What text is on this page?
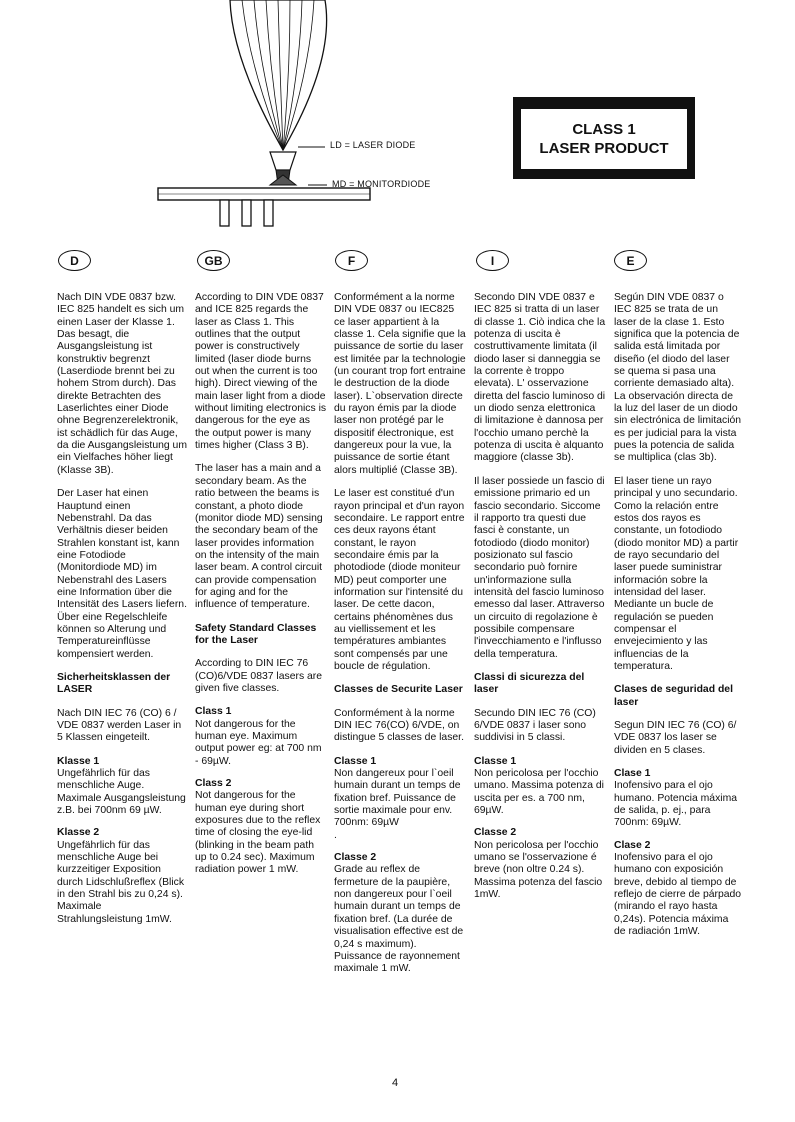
LD = LASER DIODE
MD = MONITORDIODE
CLASS 1
LASER PRODUCT
D	GB	F	I	E

Nach DIN VDE 0837 bzw. IEC 825 handelt es sich um einen Laser der Klasse 1. Das besagt, die Ausgangsleistung ist konstruktiv begrenzt (Laserdiode brennt bei zu hohem Strom durch). Das direkte Betrachten des Laserlichtes einer Diode ohne Begrenzerelektronik, ist schädlich für das Auge, da die Ausgangsleistung um ein Vielfaches höher liegt (Klasse 3B).

Der Laser hat einen Hauptund einen Nebenstrahl. Da das Verhältnis dieser beiden Strahlen konstant ist, kann eine Fotodiode (Monitordiode MD) im Nebenstrahl des Lasers eine Information über die Intensität des Lasers liefern. Über eine Regelschleife können so Alterung und Temperatureinflüsse kompensiert werden.

Sicherheitsklassen der LASER

Nach DIN IEC 76 (CO) 6 / VDE 0837 werden Laser in 5 Klassen eingeteilt.

Klasse 1
Ungefährlich für das menschliche Auge. Maximale Ausgangsleistung z.B. bei 700nm 69 µW.
Klasse 2
Ungefährlich für das menschliche Auge bei kurzzeitiger Exposition durch Lidschlußreflex (Blick in den Strahl bis zu 0,24 s). Maximale Strahlungsleistung 1mW.

According to DIN VDE 0837 and ICE 825 regards the laser as Class 1. This outlines that the output power is constructively limited (laser diode burns out when the current is too high). Direct viewing of the main laser light from a diode without limiting electronics is dangerous for the eye as the output power is many times higher (Class 3 B).

The laser has a main and a secondary beam. As the ratio between the beams is constant, a photo diode (monitor diode MD) sensing the secondary beam of the laser provides information on the intensity of the main laser beam. A control circuit can provide compensation for aging and for the influence of temperature.

Safety Standard Classes for the Laser

According to DIN IEC 76 (CO)6/VDE 0837 lasers are given five classes.

Class 1
Not dangerous for the human eye. Maximum output power eg: at 700 nm - 69µW.
Class 2
Not dangerous for the human eye during short exposures due to the reflex time of closing the eye-lid (blinking in the beam path up to 0.24 sec). Maximum radiation power 1 mW.

Conformément a la norme DIN VDE 0837 ou IEC825 ce laser appartient à la classe 1. Cela signifie que la puissance de sortie du laser est limitée par la technologie (un courant trop fort entraine le destruction de la diode laser). L`observation directe du rayon émis par la diode laser non protégé par le dispositif électronique, est dangereux pour la vue, la puissance de sortie étant alors multiplié (Classe 3B).

Le laser est constitué d'un rayon principal et d'un rayon secondaire. Le rapport entre ces deux rayons étant constant, le rayon secondaire émis par la photodiode (diode moniteur MD) peut comporter une information sur l'intensité du laser. De cette dacon, certains phénomènes dus au viellissement et les températures ambiantes sont compensés par une boucle de régulation.

Classes de Securite Laser

Conformément à la norme DIN IEC 76(CO) 6/VDE, on distingue 5 classes de laser.

Classe 1
Non dangereux pour l`oeil humain durant un temps de fixation bref. Puissance de sortie maximale pour env. 700nm: 69µW
.
Classe 2
Grade au reflex de fermeture de la paupière, non dangereux pour l`oeil humain durant un temps de fixation bref. (La durée de visualisation effective est de 0,24 s maximum). Puissance de rayonnement maximale 1 mW.

Secondo DIN VDE 0837 e IEC 825 si tratta di un laser di classe 1. Ciò indica che la potenza di uscita è costruttivamente limitata (il diodo laser si danneggia se la corrente è troppo elevata). L' osservazione diretta del fascio luminoso di un diodo senza elettronica di limitazione è dannosa per l'occhio umano perchè la potenza di uscita è alquanto maggiore (classe 3b).

Il laser possiede un fascio di emissione primario ed un fascio secondario. Siccome il rapporto tra questi due fasci è constante, un fotodiodo (diodo monitor) posizionato sul fascio secondario può fornire un'informazione sulla intensità del fascio luminoso emesso dal laser. Attraverso un circuito di regolazione è possibile compensare l'invecchiamento e l'influsso della temperatura.

Classi di sicurezza del laser

Secundo DIN IEC 76 (CO) 6/VDE 0837 i laser sono suddivisi in 5 classi.

Classe 1
Non pericolosa per l'occhio umano. Massima potenza di uscita per es. a 700 nm, 69µW.
Classe 2
Non pericolosa per l'occhio umano se l'osservazione é breve (non oltre 0.24 s). Massima potenza del fascio 1mW.

Según DIN VDE 0837 o IEC 825 se trata de un laser de la clase 1. Esto significa que la potencia de salida está limitada por diseño (el diodo del laser se quema si pasa una corriente demasiado alta). La observación directa de la luz del laser de un diodo sin electrónica de limitación es per judicial para la vista pues la potencia de salida se multiplica (clas 3b).

El laser tiene un rayo principal y uno secundario. Como la relación entre estos dos rayos es constante, un fotodiodo (diodo monitor MD) a partir de rayo secundario del laser puede suministrar información sobre la intensidad del laser. Mediante un bucle de regulación se pueden compensar el envejecimiento y las influencias de la temperatura.

Clases de seguridad del laser

Segun DIN IEC 76 (CO) 6/ VDE 0837 los laser se dividen en 5 clases.

Clase 1
Inofensivo para el ojo humano. Potencia máxima de salida, p. ej., para 700nm: 69µW.
Clase 2
Inofensivo para el ojo humano con exposición breve, debido al tiempo de reflejo de cierre de párpado (mirando el rayo hasta 0,24s). Potencia máxima de radiación 1mW.
4
